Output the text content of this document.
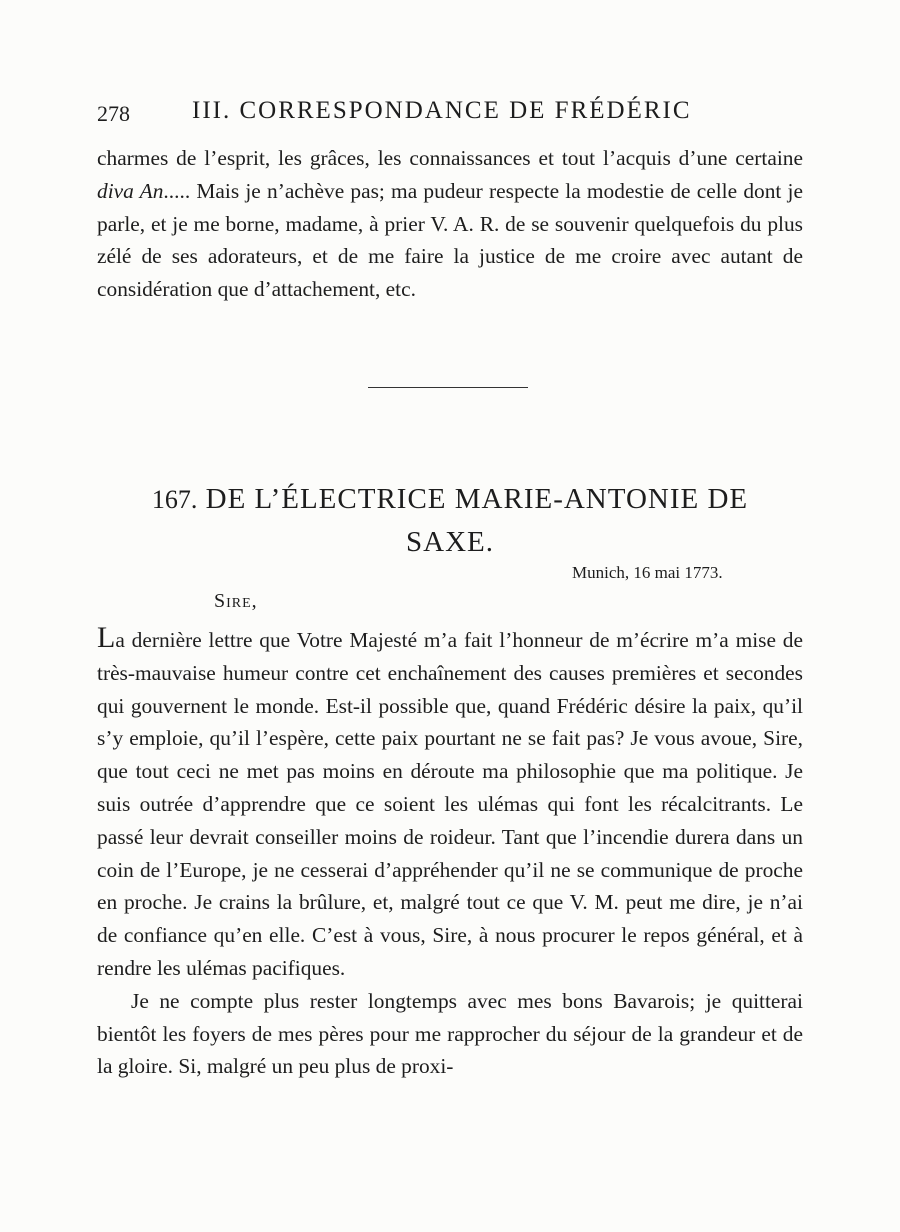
278 III. CORRESPONDANCE DE FRÉDÉRIC

charmes de l’esprit, les grâces, les connaissances et tout l’acquis d’une certaine diva An..... Mais je n’achève pas; ma pudeur respecte la modestie de celle dont je parle, et je me borne, madame, à prier V. A. R. de se souvenir quelquefois du plus zélé de ses adorateurs, et de me faire la justice de me croire avec autant de considération que d’attachement, etc.

167. DE L’ÉLECTRICE MARIE-ANTONIE DE SAXE.
Munich, 16 mai 1773.
Sire,

La dernière lettre que Votre Majesté m’a fait l’honneur de m’écrire m’a mise de très-mauvaise humeur contre cet enchaînement des causes premières et secondes qui gouvernent le monde. Est-il possible que, quand Frédéric désire la paix, qu’il s’y emploie, qu’il l’espère, cette paix pourtant ne se fait pas? Je vous avoue, Sire, que tout ceci ne met pas moins en déroute ma philosophie que ma politique. Je suis outrée d’apprendre que ce soient les ulémas qui font les récalcitrants. Le passé leur devrait conseiller moins de roideur. Tant que l’incendie durera dans un coin de l’Europe, je ne cesserai d’appréhender qu’il ne se communique de proche en proche. Je crains la brûlure, et, malgré tout ce que V. M. peut me dire, je n’ai de confiance qu’en elle. C’est à vous, Sire, à nous procurer le repos général, et à rendre les ulémas pacifiques.

Je ne compte plus rester longtemps avec mes bons Bavarois; je quitterai bientôt les foyers de mes pères pour me rapprocher du séjour de la grandeur et de la gloire. Si, malgré un peu plus de proxi-
